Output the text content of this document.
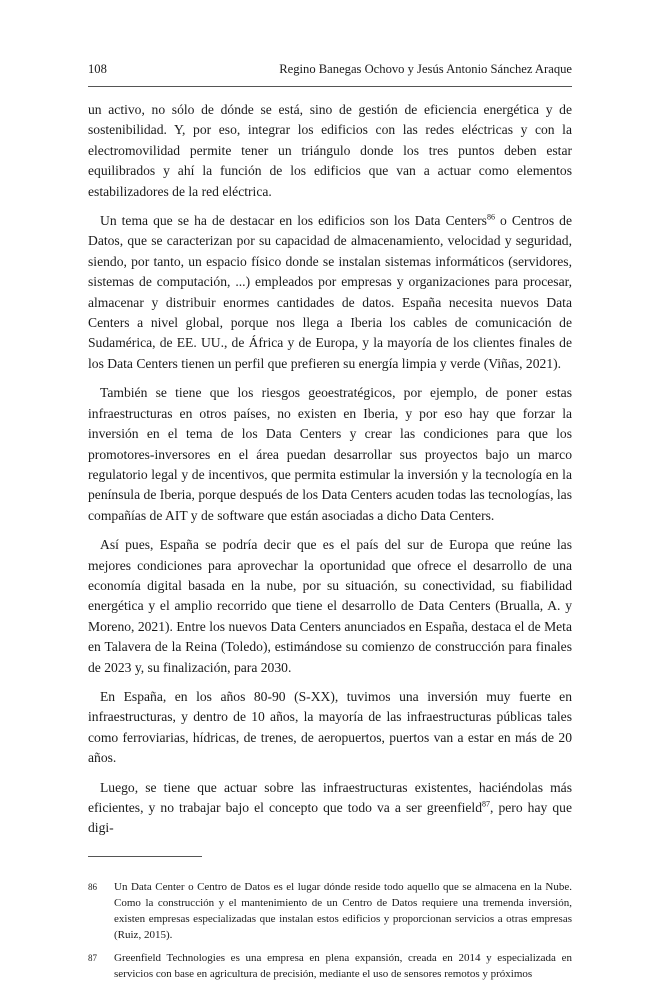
108	Regino Banegas Ochovo y Jesús Antonio Sánchez Araque

un activo, no sólo de dónde se está, sino de gestión de eficiencia energética y de sostenibilidad. Y, por eso, integrar los edificios con las redes eléctricas y con la electromovilidad permite tener un triángulo donde los tres puntos deben estar equilibrados y ahí la función de los edificios que van a actuar como elementos estabilizadores de la red eléctrica.

Un tema que se ha de destacar en los edificios son los Data Centers$^{86}$ o Centros de Datos, que se caracterizan por su capacidad de almacenamiento, velocidad y seguridad, siendo, por tanto, un espacio físico donde se instalan sistemas informáticos (servidores, sistemas de computación, ...) empleados por empresas y organizaciones para procesar, almacenar y distribuir enormes cantidades de datos. España necesita nuevos Data Centers a nivel global, porque nos llega a Iberia los cables de comunicación de Sudamérica, de EE. UU., de África y de Europa, y la mayoría de los clientes finales de los Data Centers tienen un perfil que prefieren su energía limpia y verde (Viñas, 2021).

También se tiene que los riesgos geoestratégicos, por ejemplo, de poner estas infraestructuras en otros países, no existen en Iberia, y por eso hay que forzar la inversión en el tema de los Data Centers y crear las condiciones para que los promotores-inversores en el área puedan desarrollar sus proyectos bajo un marco regulatorio legal y de incentivos, que permita estimular la inversión y la tecnología en la península de Iberia, porque después de los Data Centers acuden todas las tecnologías, las compañías de AIT y de software que están asociadas a dicho Data Centers.

Así pues, España se podría decir que es el país del sur de Europa que reúne las mejores condiciones para aprovechar la oportunidad que ofrece el desarrollo de una economía digital basada en la nube, por su situación, su conectividad, su fiabilidad energética y el amplio recorrido que tiene el desarrollo de Data Centers (Brualla, A. y Moreno, 2021). Entre los nuevos Data Centers anunciados en España, destaca el de Meta en Talavera de la Reina (Toledo), estimándose su comienzo de construcción para finales de 2023 y, su finalización, para 2030.

En España, en los años 80-90 (S-XX), tuvimos una inversión muy fuerte en infraestructuras, y dentro de 10 años, la mayoría de las infraestructuras públicas tales como ferroviarias, hídricas, de trenes, de aeropuertos, puertos van a estar en más de 20 años.

Luego, se tiene que actuar sobre las infraestructuras existentes, haciéndolas más eficientes, y no trabajar bajo el concepto que todo va a ser greenfield$^{87}$, pero hay que digi-

86	Un Data Center o Centro de Datos es el lugar dónde reside todo aquello que se almacena en la Nube. Como la construcción y el mantenimiento de un Centro de Datos requiere una tremenda inversión, existen empresas especializadas que instalan estos edificios y proporcionan servicios a otras empresas (Ruiz, 2015).
87	Greenfield Technologies es una empresa en plena expansión, creada en 2014 y especializada en servicios con base en agricultura de precisión, mediante el uso de sensores remotos y próximos
